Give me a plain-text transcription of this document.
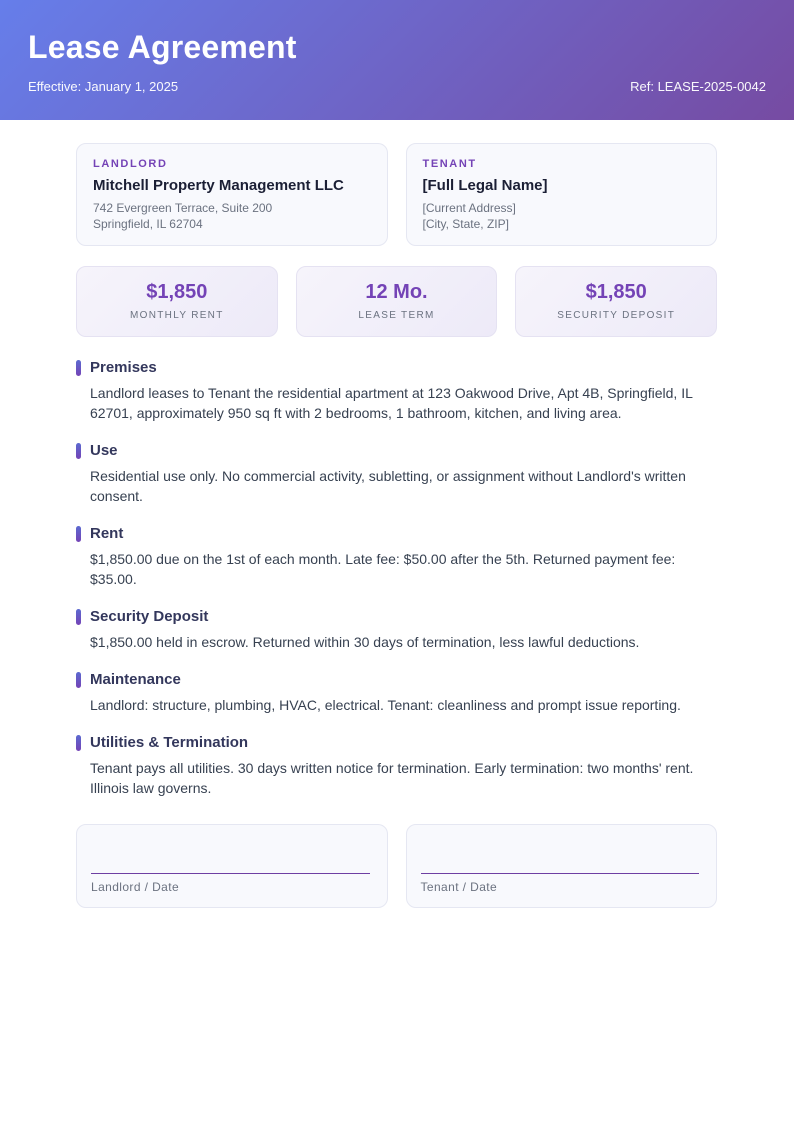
Lease Agreement
Effective: January 1, 2025	Ref: LEASE-2025-0042
LANDLORD
Mitchell Property Management LLC
742 Evergreen Terrace, Suite 200
Springfield, IL 62704
TENANT
[Full Legal Name]
[Current Address]
[City, State, ZIP]
$1,850
MONTHLY RENT
12 Mo.
LEASE TERM
$1,850
SECURITY DEPOSIT
Premises

Landlord leases to Tenant the residential apartment at 123 Oakwood Drive, Apt 4B, Springfield, IL 62701, approximately 950 sq ft with 2 bedrooms, 1 bathroom, kitchen, and living area.

Use

Residential use only. No commercial activity, subletting, or assignment without Landlord's written consent.

Rent

$1,850.00 due on the 1st of each month. Late fee: $50.00 after the 5th. Returned payment fee: $35.00.

Security Deposit

$1,850.00 held in escrow. Returned within 30 days of termination, less lawful deductions.

Maintenance

Landlord: structure, plumbing, HVAC, electrical. Tenant: cleanliness and prompt issue reporting.

Utilities & Termination

Tenant pays all utilities. 30 days written notice for termination. Early termination: two months' rent. Illinois law governs.

Landlord / Date	Tenant / Date
